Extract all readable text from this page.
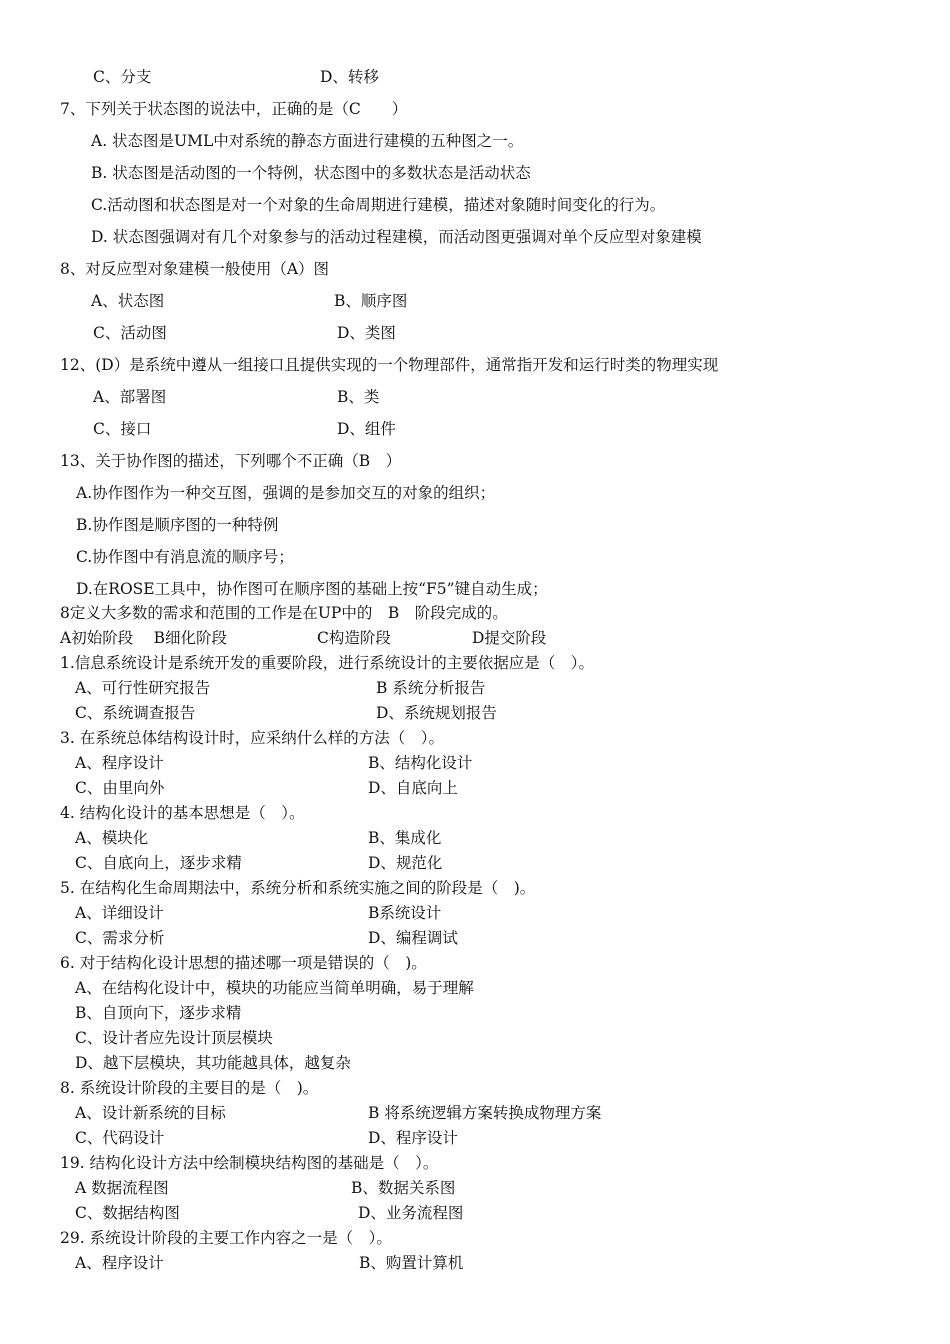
C、分支	D、转移
7、下列关于状态图的说法中，正确的是（C　　）
A. 状态图是UML中对系统的静态方面进行建模的五种图之一。
B. 状态图是活动图的一个特例，状态图中的多数状态是活动状态
C.活动图和状态图是对一个对象的生命周期进行建模，描述对象随时间变化的行为。
D. 状态图强调对有几个对象参与的活动过程建模，而活动图更强调对单个反应型对象建模
8、对反应型对象建模一般使用（A）图
A、状态图	B、顺序图
C、活动图	D、类图
12、(D）是系统中遵从一组接口且提供实现的一个物理部件，通常指开发和运行时类的物理实现
A、部署图	B、类
C、接口	D、组件
13、关于协作图的描述，下列哪个不正确（B　）
A.协作图作为一种交互图，强调的是参加交互的对象的组织；
B.协作图是顺序图的一种特例
C.协作图中有消息流的顺序号；
D.在ROSE工具中，协作图可在顺序图的基础上按“F5”键自动生成；
8定义大多数的需求和范围的工作是在UP中的　B　阶段完成的。
A初始阶段　 B细化阶段	C构造阶段	D提交阶段
1.信息系统设计是系统开发的重要阶段，进行系统设计的主要依据应是（　）。
A、可行性研究报告	B 系统分析报告
C、系统调查报告	D、系统规划报告
3. 在系统总体结构设计时，应采纳什么样的方法（　）。
A、程序设计	B、结构化设计
C、由里向外	D、自底向上
4. 结构化设计的基本思想是（　）。
A、模块化	B、集成化
C、自底向上，逐步求精	D、规范化
5. 在结构化生命周期法中，系统分析和系统实施之间的阶段是（　)。
A、详细设计	B系统设计
C、需求分析	D、编程调试
6. 对于结构化设计思想的描述哪一项是错误的（　)。
A、在结构化设计中，模块的功能应当简单明确，易于理解
B、自顶向下，逐步求精
C、设计者应先设计顶层模块
D、越下层模块，其功能越具体，越复杂
8. 系统设计阶段的主要目的是（　)。
A、设计新系统的目标	B 将系统逻辑方案转换成物理方案
C、代码设计	D、程序设计
19. 结构化设计方法中绘制模块结构图的基础是（　）。
A 数据流程图	B、数据关系图
C、数据结构图	D、业务流程图
29. 系统设计阶段的主要工作内容之一是（　）。
A、程序设计	B、购置计算机
